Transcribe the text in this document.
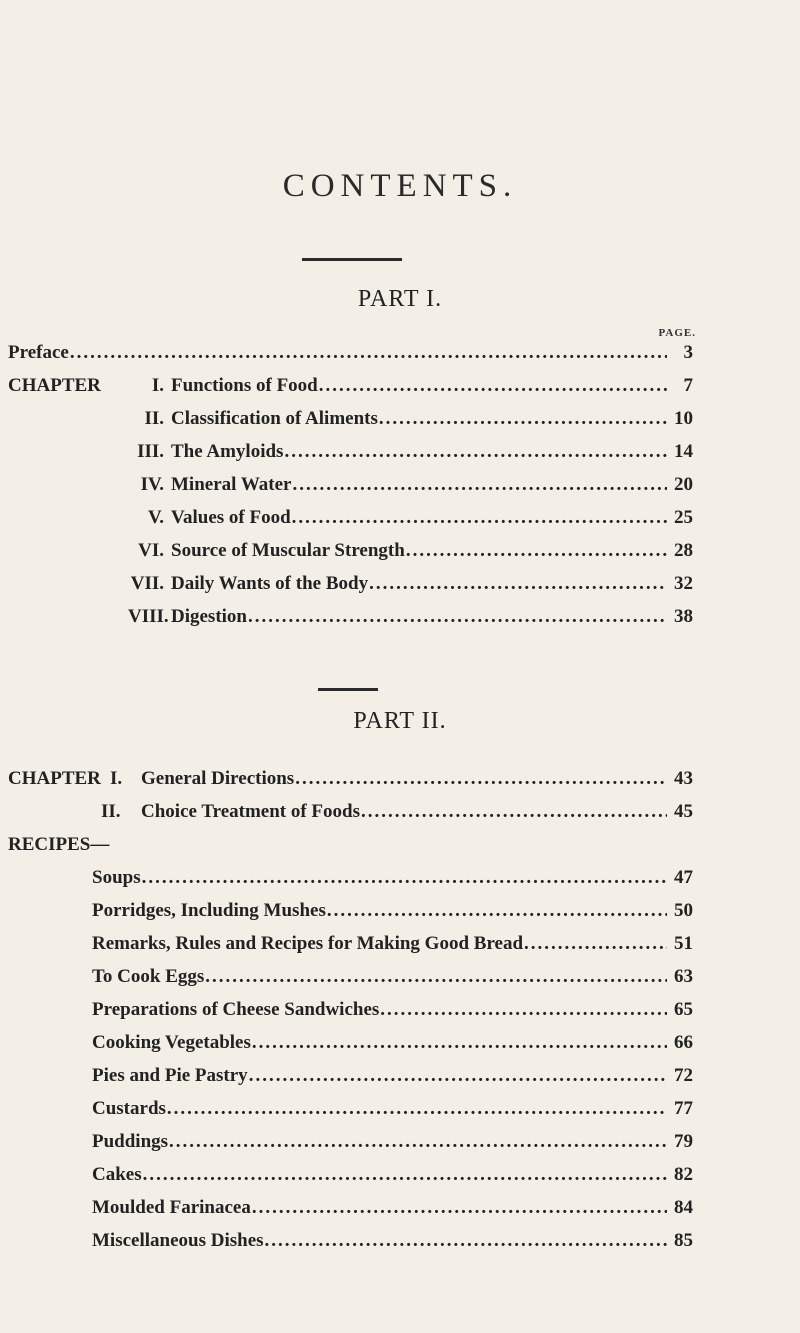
CONTENTS.
PART I.
PAGE.
Preface .....	3
CHAPTER	I. Functions of Food .....	7
II. Classification of Aliments .....	10
III. The Amyloids .....	14
IV. Mineral Water .....	20
V. Values of Food .....	25
VI. Source of Muscular Strength .....	28
VII. Daily Wants of the Body .....	32
VIII. Digestion .....	38
PART II.
CHAPTER I. General Directions .....	43
II.	Choice Treatment of Foods .....	45
RECIPES—
Soups .....	47
Porridges, Including Mushes .....	50
Remarks, Rules and Recipes for Making Good Bread .....	51
To Cook Eggs .....	63
Preparations of Cheese Sandwiches .....	65
Cooking Vegetables .....	66
Pies and Pie Pastry .....	72
Custards .....	77
Puddings .....	79
Cakes .....	82
Moulded Farinacea .....	84
Miscellaneous Dishes .....	85
